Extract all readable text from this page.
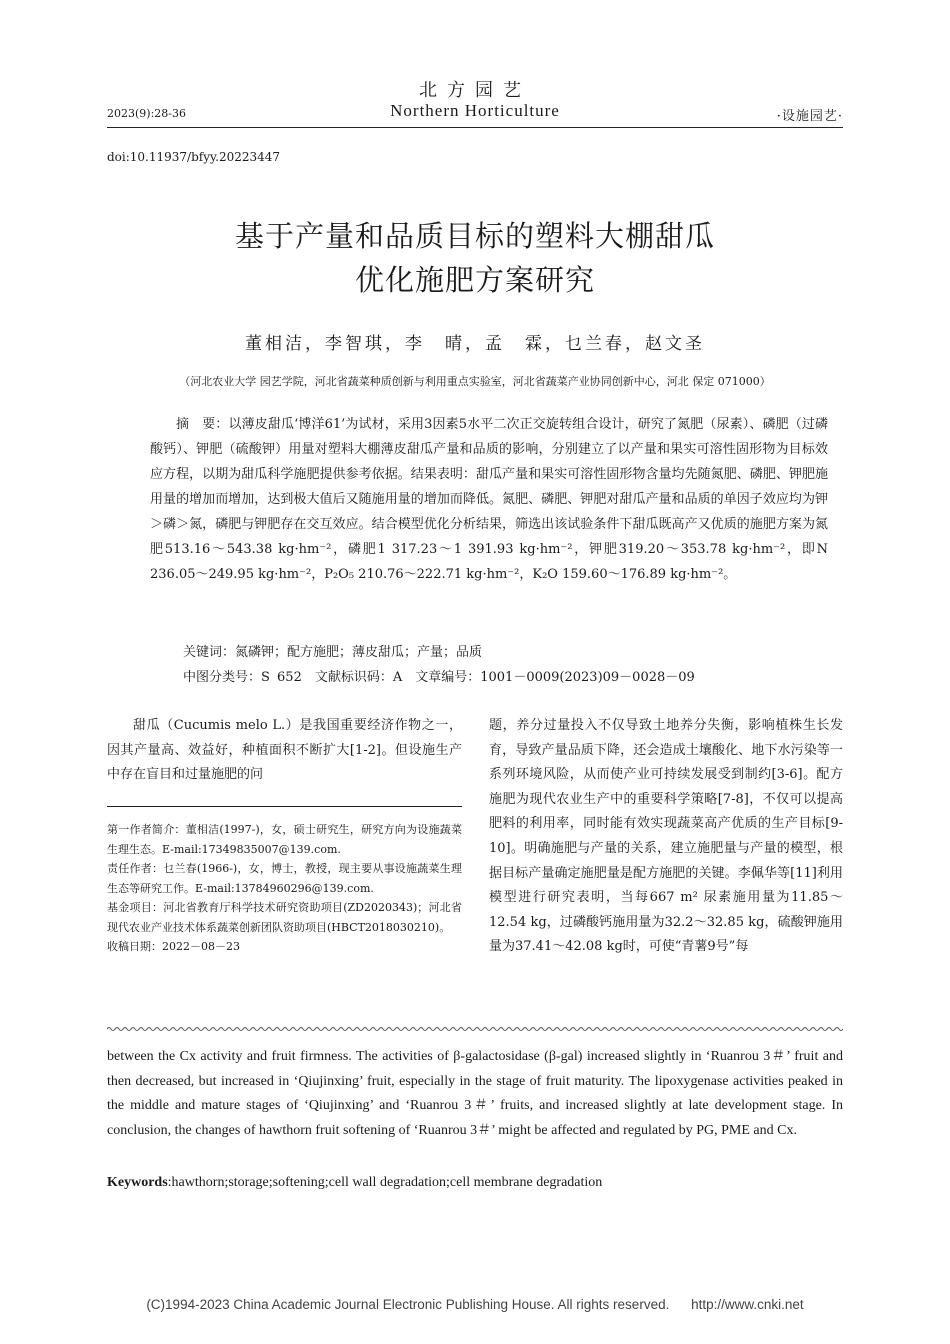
北方园艺
Northern Horticulture
2023(9):28-36	·设施园艺·
doi:10.11937/bfyy.20223447
基于产量和品质目标的塑料大棚甜瓜
优化施肥方案研究
董相洁，李智琪，李　晴，孟　霖，乜兰春，赵文圣
（河北农业大学 园艺学院，河北省蔬菜种质创新与利用重点实验室，河北省蔬菜产业协同创新中心，河北 保定 071000）

摘　要：以薄皮甜瓜‘博洋61’为试材，采用3因素5水平二次正交旋转组合设计，研究了氮肥（尿素）、磷肥（过磷酸钙）、钾肥（硫酸钾）用量对塑料大棚薄皮甜瓜产量和品质的影响，分别建立了以产量和果实可溶性固形物为目标效应方程，以期为甜瓜科学施肥提供参考依据。结果表明：甜瓜产量和果实可溶性固形物含量均先随氮肥、磷肥、钾肥施用量的增加而增加，达到极大值后又随施用量的增加而降低。氮肥、磷肥、钾肥对甜瓜产量和品质的单因子效应均为钾＞磷＞氮，磷肥与钾肥存在交互效应。结合模型优化分析结果，筛选出该试验条件下甜瓜既高产又优质的施肥方案为氮肥513.16～543.38 kg·hm⁻²，磷肥1 317.23～1 391.93 kg·hm⁻²，钾肥319.20～353.78 kg·hm⁻²，即N 236.05～249.95 kg·hm⁻²，P₂O₅ 210.76～222.71 kg·hm⁻²，K₂O 159.60～176.89 kg·hm⁻²。

关键词：氮磷钾；配方施肥；薄皮甜瓜；产量；品质
中图分类号：S 652　文献标识码：A　文章编号：1001－0009(2023)09－0028－09

甜瓜（Cucumis melo L.）是我国重要经济作物之一，因其产量高、效益好，种植面积不断扩大[1-2]。但设施生产中存在盲目和过量施肥的问

第一作者简介：董相洁(1997-)，女，硕士研究生，研究方向为设施蔬菜生理生态。E-mail:17349835007@139.com.
责任作者：乜兰春(1966-)，女，博士，教授，现主要从事设施蔬菜生理生态等研究工作。E-mail:13784960296@139.com.
基金项目：河北省教育厅科学技术研究资助项目(ZD2020343)；河北省现代农业产业技术体系蔬菜创新团队资助项目(HBCT2018030210)。
收稿日期：2022－08－23

题，养分过量投入不仅导致土地养分失衡，影响植株生长发育，导致产量品质下降，还会造成土壤酸化、地下水污染等一系列环境风险，从而使产业可持续发展受到制约[3-6]。配方施肥为现代农业生产中的重要科学策略[7-8]，不仅可以提高肥料的利用率，同时能有效实现蔬菜高产优质的生产目标[9-10]。明确施肥与产量的关系，建立施肥量与产量的模型，根据目标产量确定施肥量是配方施肥的关键。李佩华等[11]利用模型进行研究表明，当每667 m² 尿素施用量为11.85～12.54 kg，过磷酸钙施用量为32.2～32.85 kg，硫酸钾施用量为37.41～42.08 kg时，可使“青薯9号”每

between the Cx activity and fruit firmness. The activities of β-galactosidase (β-gal) increased slightly in ‘Ruanrou 3＃’ fruit and then decreased, but increased in ‘Qiujinxing’ fruit, especially in the stage of fruit maturity. The lipoxygenase activities peaked in the middle and mature stages of ‘Qiujinxing’ and ‘Ruanrou 3＃’ fruits, and increased slightly at late development stage. In conclusion, the changes of hawthorn fruit softening of ‘Ruanrou 3＃’ might be affected and regulated by PG, PME and Cx.

Keywords:hawthorn;storage;softening;cell wall degradation;cell membrane degradation
(C)1994-2023 China Academic Journal Electronic Publishing House. All rights reserved. http://www.cnki.net
